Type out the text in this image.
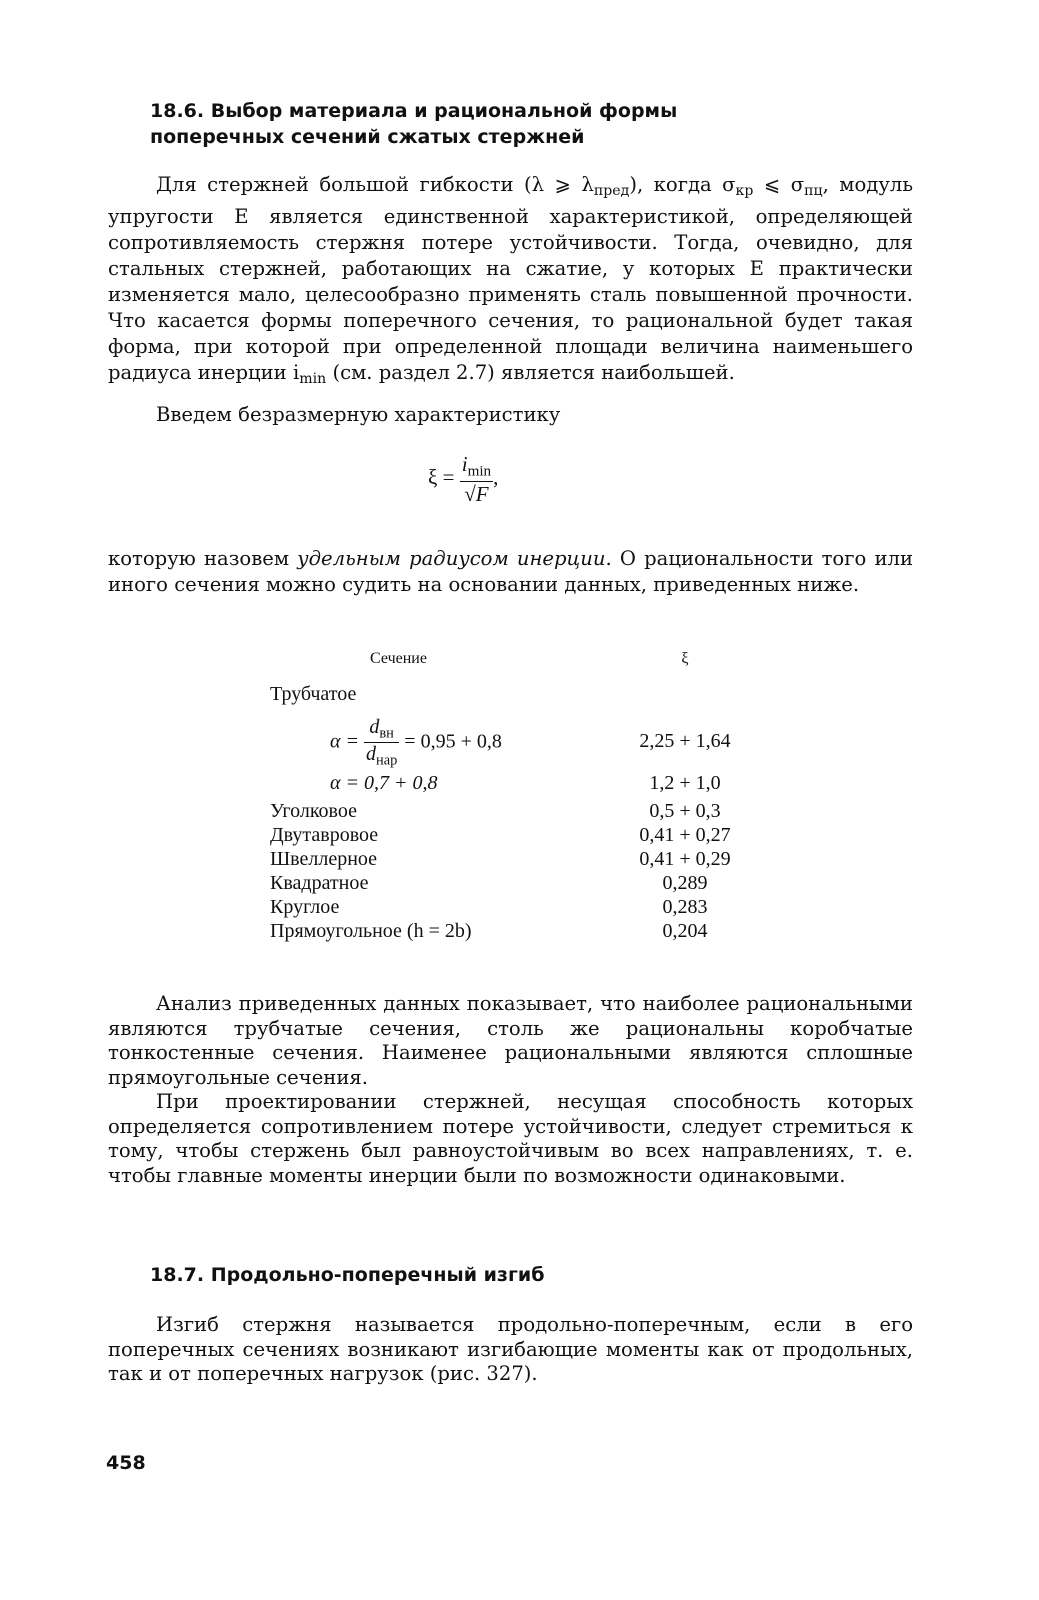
18.6. Выбор материала и рациональной формы
поперечных сечений сжатых стержней
Для стержней большой гибкости (λ ⩾ $\lambda_{пред}$), когда $\sigma_{кр}$ ⩽ $\sigma_{пц}$, модуль упругости E является единственной характеристикой, определяющей сопротивляемость стержня потере устойчивости. Тогда, очевидно, для стальных стержней, работающих на сжатие, у которых E практически изменяется мало, целесообразно применять сталь повышенной прочности. Что касается формы поперечного сечения, то рациональной будет такая форма, при которой при определенной площади величина наименьшего радиуса инерции $i_{min}$ (см. раздел 2.7) является наибольшей.
Введем безразмерную характеристику
$\xi = \frac{i_{min}}{√F}$ ,
которую назовем удельным радиусом инерции. О рациональности того или иного сечения можно судить на основании данных, приведенных ниже.
Сечение	ξ
Трубчатое
$\alpha = \frac{d_{вн}}{d_{нар}} = 0,95 + 0,8$	2,25 + 1,64
α = 0,7 + 0,8	1,2 + 1,0
Уголковое	0,5 + 0,3
Двутавровое	0,41 + 0,27
Швеллерное	0,41 + 0,29
Квадратное	0,289
Круглое	0,283
Прямоугольное (h = 2b)	0,204
Анализ приведенных данных показывает, что наиболее рациональными являются трубчатые сечения, столь же рациональны коробчатые тонкостенные сечения. Наименее рациональными являются сплошные прямоугольные сечения.
При проектировании стержней, несущая способность которых определяется сопротивлением потере устойчивости, следует стремиться к тому, чтобы стержень был равноустойчивым во всех направлениях, т. е. чтобы главные моменты инерции были по возможности одинаковыми.
18.7. Продольно-поперечный изгиб
Изгиб стержня называется продольно-поперечным, если в его поперечных сечениях возникают изгибающие моменты как от продольных, так и от поперечных нагрузок (рис. 327).
458
